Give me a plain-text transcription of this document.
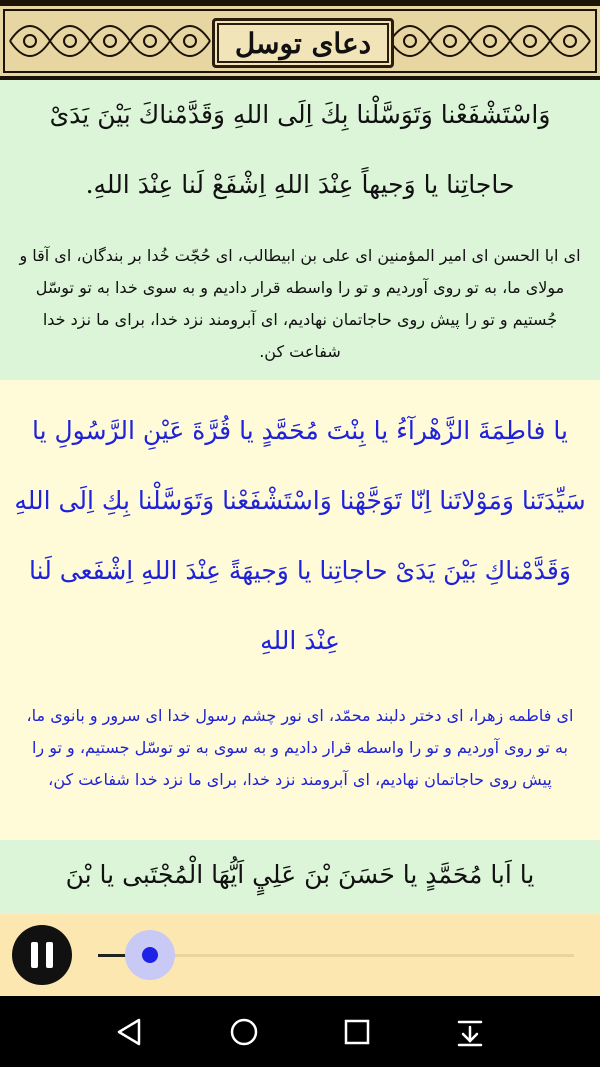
دعای توسل

وَاسْتَشْفَعْنا وَتَوَسَّلْنا بِكَ اِلَی اللهِ وَقَدَّمْناكَ بَيْنَ يَدَىْ حاجاتِنا يا وَجيهاً عِنْدَ اللهِ اِشْفَعْ لَنا عِنْدَ اللهِ.

ای ابا الحسن ای امیر المؤمنین ای علی بن ابیطالب، ای حُجّت خُدا بر بندگان، ای آقا و مولای ما، به تو روی آوردیم و تو را واسطه قرار دادیم و به سوی خدا به تو توسّل جُستیم و تو را پیش روی حاجاتمان نهادیم، ای آبرومند نزد خدا، برای ما نزد خدا شفاعت کن.

يا فاطِمَةَ الزَّهْرآءُ يا بِنْتَ مُحَمَّدٍ يا قُرَّةَ عَيْنِ الرَّسُولِ يا سَيِّدَتَنا وَمَوْلاتَنا اِنّا تَوَجَّهْنا وَاسْتَشْفَعْنا وَتَوَسَّلْنا بِكِ اِلَی اللهِ وَقَدَّمْناكِ بَيْنَ يَدَیْ حاجاتِنا يا وَجيهَةً عِنْدَ اللهِ اِشْفَعی لَنا عِنْدَ اللهِ

ای فاطمه زهرا، ای دختر دلبند محمّد، ای نور چشم رسول خدا ای سرور و بانوی ما، به تو روی آوردیم و تو را واسطه قرار دادیم و به سوی به تو توسّل جستیم، و تو را پیش روی حاجاتمان نهادیم، ای آبرومند نزد خدا، برای ما نزد خدا شفاعت کن،

يا اَبا مُحَمَّدٍ يا حَسَنَ بْنَ عَلِيٍ اَيُّهَا الْمُجْتَبی يا بْنَ
